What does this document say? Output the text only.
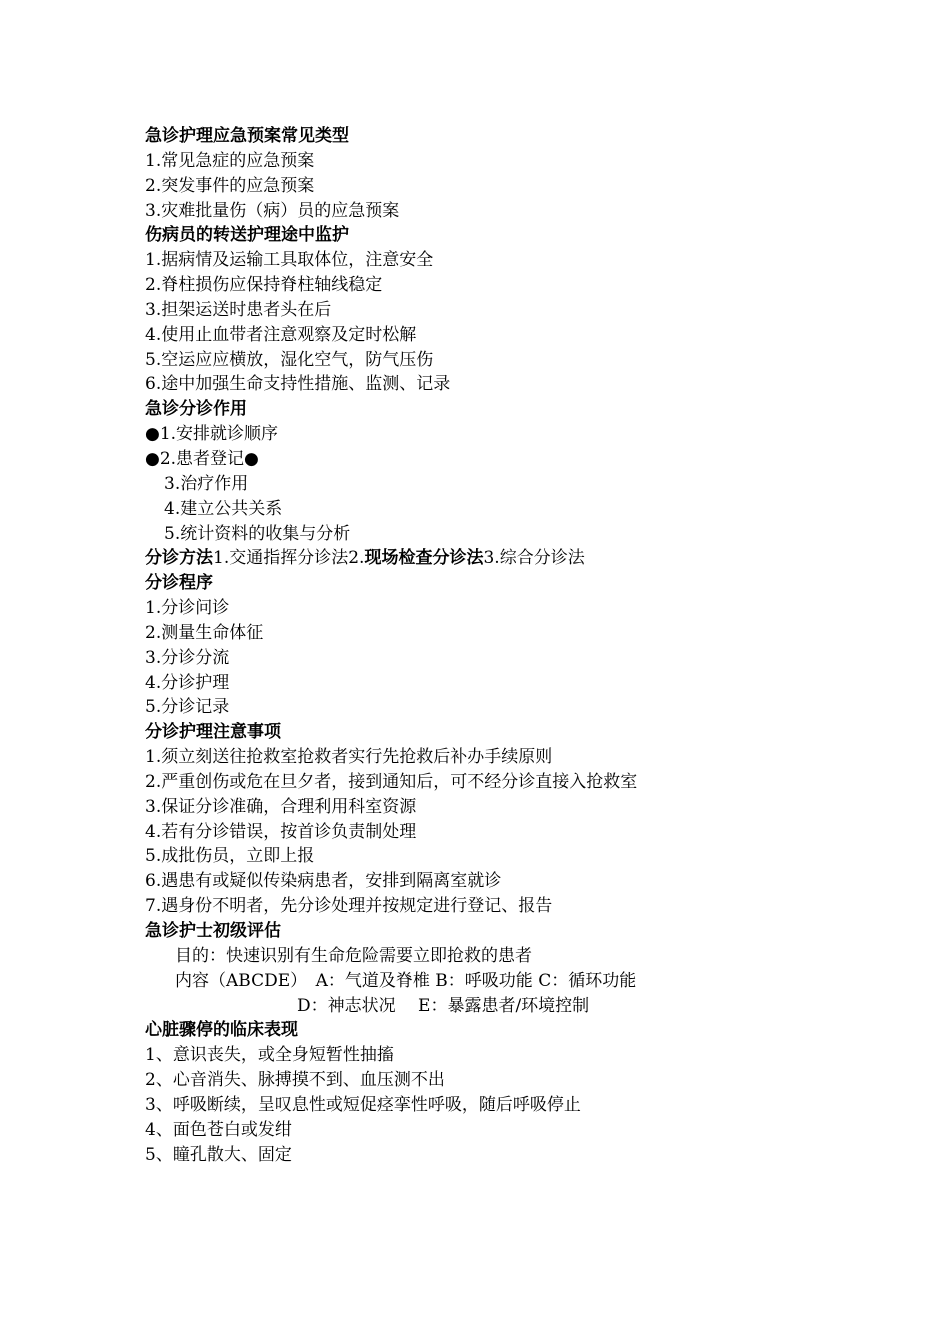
急诊护理应急预案常见类型
1.常见急症的应急预案
2.突发事件的应急预案
3.灾难批量伤（病）员的应急预案
伤病员的转送护理途中监护
1.据病情及运输工具取体位，注意安全
2.脊柱损伤应保持脊柱轴线稳定
3.担架运送时患者头在后
4.使用止血带者注意观察及定时松解
5.空运应应横放，湿化空气，防气压伤
6.途中加强生命支持性措施、监测、记录
急诊分诊作用
●1.安排就诊顺序
●2.患者登记●
3.治疗作用
4.建立公共关系
5.统计资料的收集与分析
分诊方法1.交通指挥分诊法2.现场检查分诊法3.综合分诊法
分诊程序
1.分诊问诊
2.测量生命体征
3.分诊分流
4.分诊护理
5.分诊记录
分诊护理注意事项
1.须立刻送往抢救室抢救者实行先抢救后补办手续原则
2.严重创伤或危在旦夕者，接到通知后，可不经分诊直接入抢救室
3.保证分诊准确，合理利用科室资源
4.若有分诊错误，按首诊负责制处理
5.成批伤员，立即上报
6.遇患有或疑似传染病患者，安排到隔离室就诊
7.遇身份不明者，先分诊处理并按规定进行登记、报告
急诊护士初级评估
目的：快速识别有生命危险需要立即抢救的患者
内容（ABCDE）　A：气道及脊椎 B：呼吸功能 C：循环功能
D：神志状况　 E：暴露患者/环境控制
心脏骤停的临床表现
1、意识丧失，或全身短暂性抽搐
2、心音消失、脉搏摸不到、血压测不出
3、呼吸断续，呈叹息性或短促痉挛性呼吸，随后呼吸停止
4、面色苍白或发绀
5、瞳孔散大、固定
